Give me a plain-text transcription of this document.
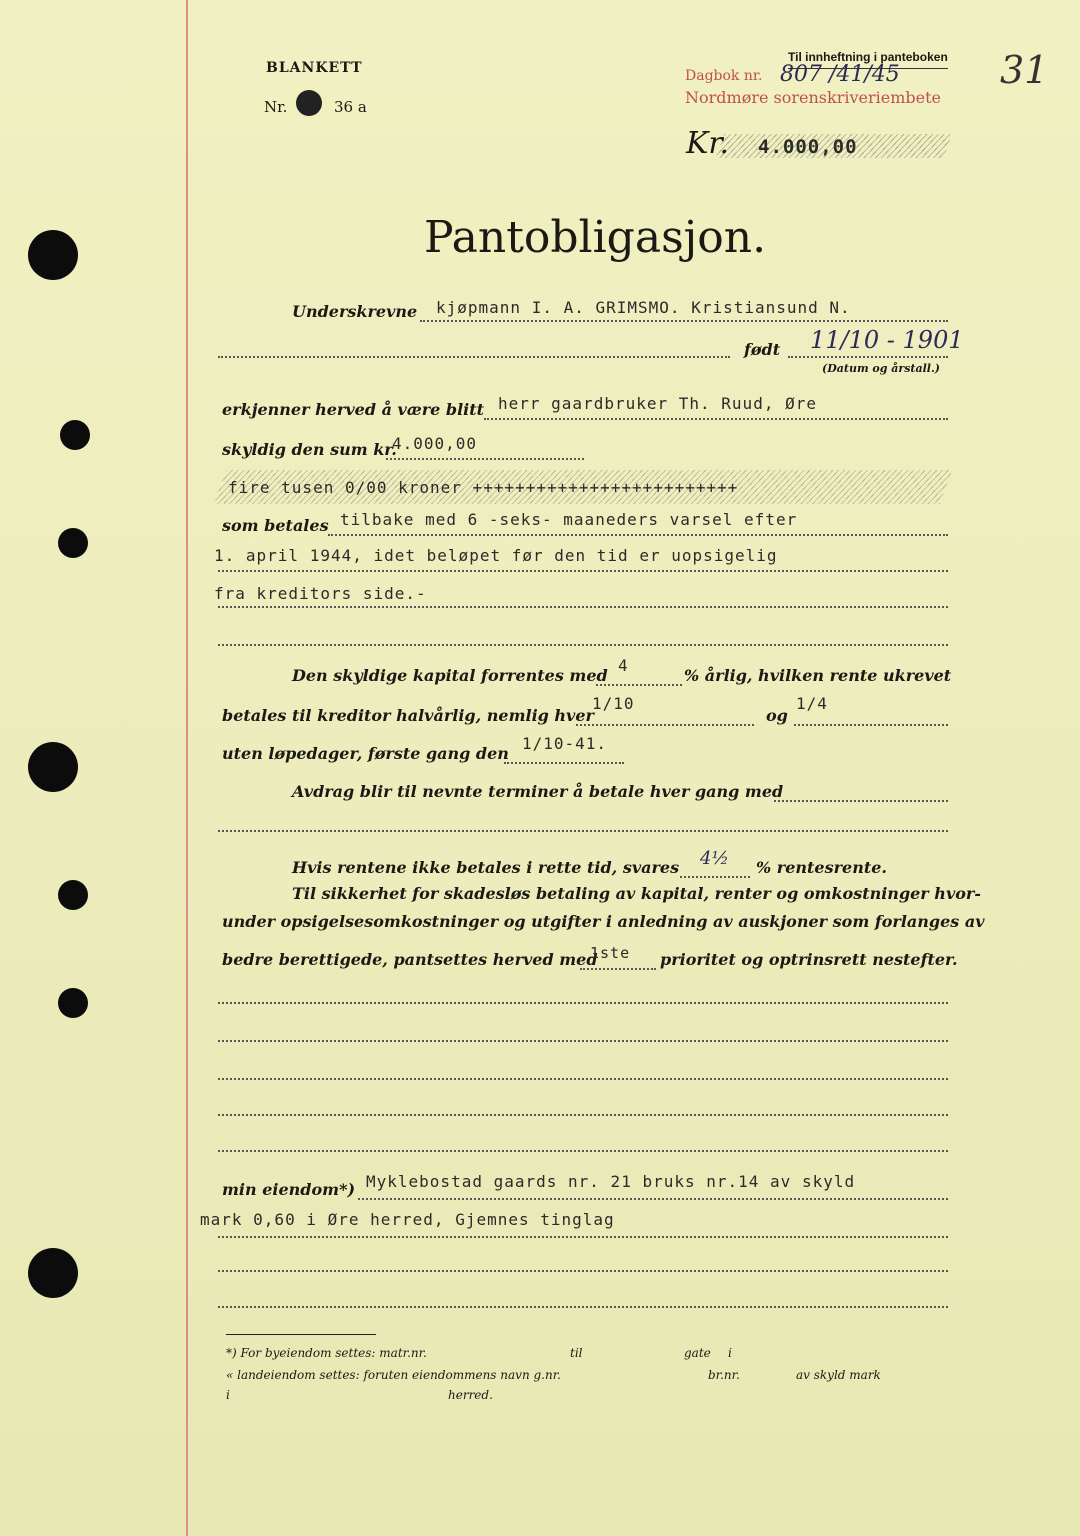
BLANKETT
Nr.	36 a
Til innheftning i panteboken
Dagbok nr. 807 /41/45
Nordmøre sorenskriveriembete
Kr. 4.000,00
31
Pantobligasjon.
Underskrevne kjøpmann I. A. GRIMSMO. Kristiansund N.
født 11/10 - 1901
(Datum og årstall.)
erkjenner herved å være blitt herr gaardbruker Th. Ruud, Øre
skyldig den sum kr.
4.000,00
fire tusen 0/00 kroner +++++++++++++++++++++++++
som betales tilbake med 6 -seks- maaneders varsel efter
1. april 1944, idet beløpet før den tid er uopsigelig
fra kreditors side.-
Den skyldige kapital forrentes med
4
% årlig, hvilken rente ukrevet
betales til kreditor halvårlig, nemlig hver
1/10
og
1/4
uten løpedager, første gang den
1/10-41.
Avdrag blir til nevnte terminer å betale hver gang med
Hvis rentene ikke betales i rette tid, svares 4½ % rentesrente.
Til sikkerhet for skadesløs betaling av kapital, renter og omkostninger hvor-
under opsigelsesomkostninger og utgifter i anledning av auskjoner som forlanges av
bedre berettigede, pantsettes herved med
1ste prioritet og optrinsrett nestefter.
min eiendom*) Myklebostad gaards nr. 21 bruks nr.14 av skyld
mark 0,60 i Øre herred, Gjemnes tinglag
*) For byeiendom settes: matr.nr.	til	gate i
« landeiendom settes: foruten eiendommens navn g.nr.	br.nr.	av skyld mark
i	herred.
